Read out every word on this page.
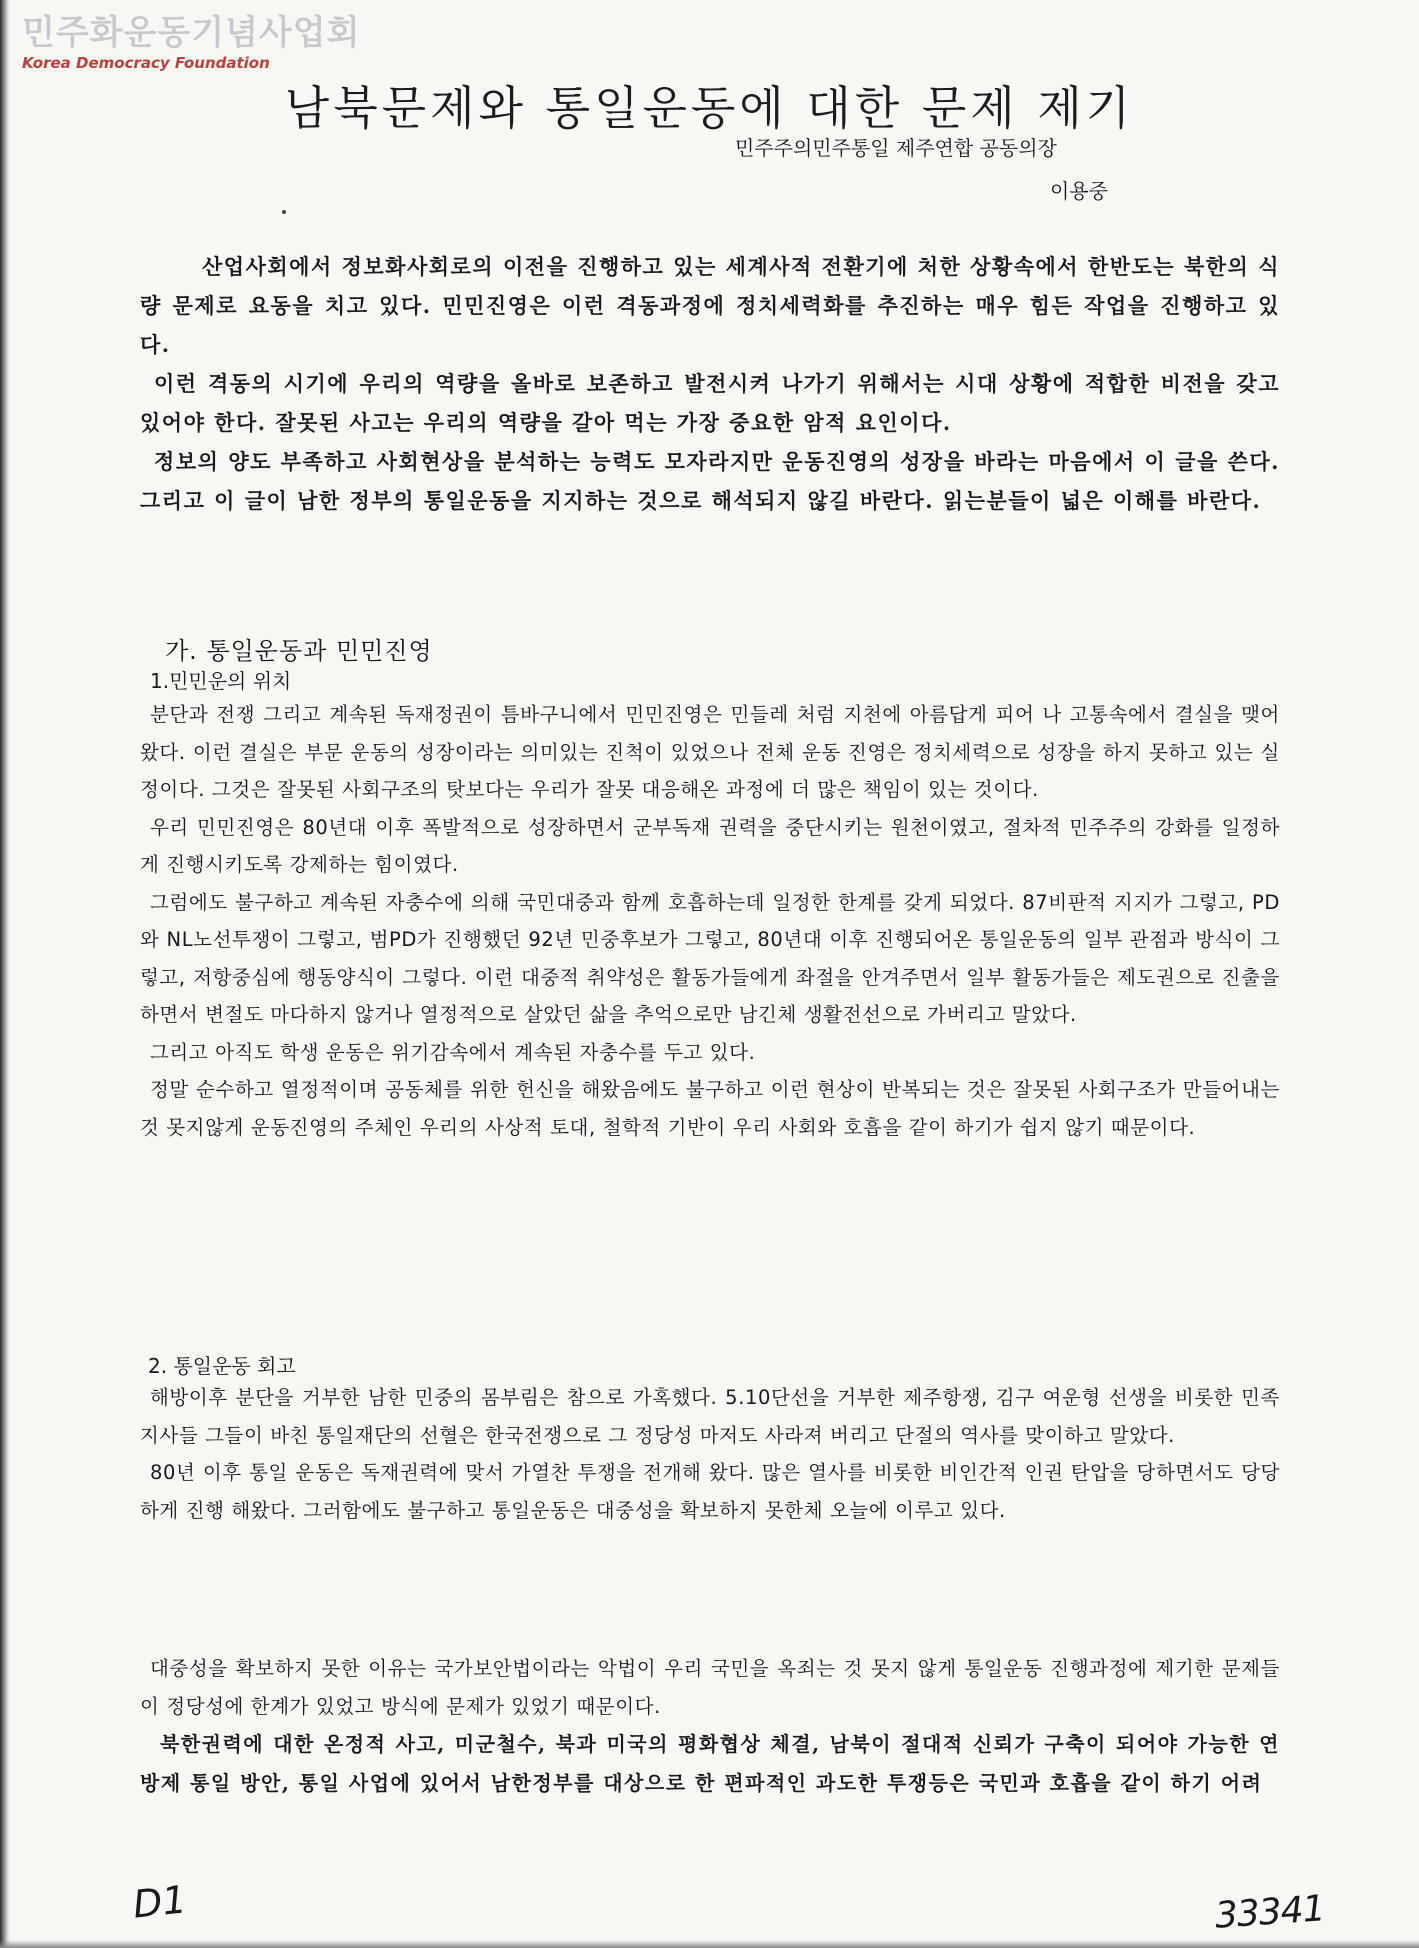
민주화운동기념사업회
Korea Democracy Foundation
남북문제와 통일운동에 대한 문제 제기
민주주의민주통일 제주연합 공동의장
이용중

산업사회에서 정보화사회로의 이전을 진행하고 있는 세계사적 전환기에 처한 상황속에서 한반도는 북한의 식량 문제로 요동을 치고 있다. 민민진영은 이런 격동과정에 정치세력화를 추진하는 매우 힘든 작업을 진행하고 있다.

이런 격동의 시기에 우리의 역량을 올바로 보존하고 발전시켜 나가기 위해서는 시대 상황에 적합한 비전을 갖고 있어야 한다. 잘못된 사고는 우리의 역량을 갈아 먹는 가장 중요한 암적 요인이다.

정보의 양도 부족하고 사회현상을 분석하는 능력도 모자라지만 운동진영의 성장을 바라는 마음에서 이 글을 쓴다. 그리고 이 글이 남한 정부의 통일운동을 지지하는 것으로 해석되지 않길 바란다. 읽는분들이 넓은 이해를 바란다.

가. 통일운동과 민민진영

1.민민운의 위치

분단과 전쟁 그리고 계속된 독재정권이 틈바구니에서 민민진영은 민들레 처럼 지천에 아름답게 피어 나 고통속에서 결실을 맺어왔다. 이런 결실은 부문 운동의 성장이라는 의미있는 진척이 있었으나 전체 운동 진영은 정치세력으로 성장을 하지 못하고 있는 실정이다. 그것은 잘못된 사회구조의 탓보다는 우리가 잘못 대응해온 과정에 더 많은 책임이 있는 것이다.

우리 민민진영은 80년대 이후 폭발적으로 성장하면서 군부독재 권력을 중단시키는 원천이였고, 절차적 민주주의 강화를 일정하게 진행시키도록 강제하는 힘이였다.

그럼에도 불구하고 계속된 자충수에 의해 국민대중과 함께 호흡하는데 일정한 한계를 갖게 되었다. 87비판적 지지가 그렇고, PD와 NL노선투쟁이 그렇고, 범PD가 진행했던 92년 민중후보가 그렇고, 80년대 이후 진행되어온 통일운동의 일부 관점과 방식이 그렇고, 저항중심에 행동양식이 그렇다. 이런 대중적 취약성은 활동가들에게 좌절을 안겨주면서 일부 활동가들은 제도권으로 진출을 하면서 변절도 마다하지 않거나 열정적으로 살았던 삶을 추억으로만 남긴체 생활전선으로 가버리고 말았다.

그리고 아직도 학생 운동은 위기감속에서 계속된 자충수를 두고 있다.

정말 순수하고 열정적이며 공동체를 위한 헌신을 해왔음에도 불구하고 이런 현상이 반복되는 것은 잘못된 사회구조가 만들어내는 것 못지않게 운동진영의 주체인 우리의 사상적 토대, 철학적 기반이 우리 사회와 호흡을 같이 하기가 쉽지 않기 때문이다.

2. 통일운동 회고

해방이후 분단을 거부한 남한 민중의 몸부림은 참으로 가혹했다. 5.10단선을 거부한 제주항쟁, 김구 여운형 선생을 비롯한 민족지사들 그들이 바친 통일재단의 선혈은 한국전쟁으로 그 정당성 마저도 사라져 버리고 단절의 역사를 맞이하고 말았다.

80년 이후 통일 운동은 독재권력에 맞서 가열찬 투쟁을 전개해 왔다. 많은 열사를 비롯한 비인간적 인권 탄압을 당하면서도 당당하게 진행 해왔다. 그러함에도 불구하고 통일운동은 대중성을 확보하지 못한체 오늘에 이루고 있다.

대중성을 확보하지 못한 이유는 국가보안법이라는 악법이 우리 국민을 옥죄는 것 못지 않게 통일운동 진행과정에 제기한 문제들이 정당성에 한계가 있었고 방식에 문제가 있었기 때문이다.

북한권력에 대한 온정적 사고, 미군철수, 북과 미국의 평화협상 체결, 남북이 절대적 신뢰가 구축이 되어야 가능한 연방제 통일 방안, 통일 사업에 있어서 남한정부를 대상으로 한 편파적인 과도한 투쟁등은 국민과 호흡을 같이 하기 어려

D1	33341
